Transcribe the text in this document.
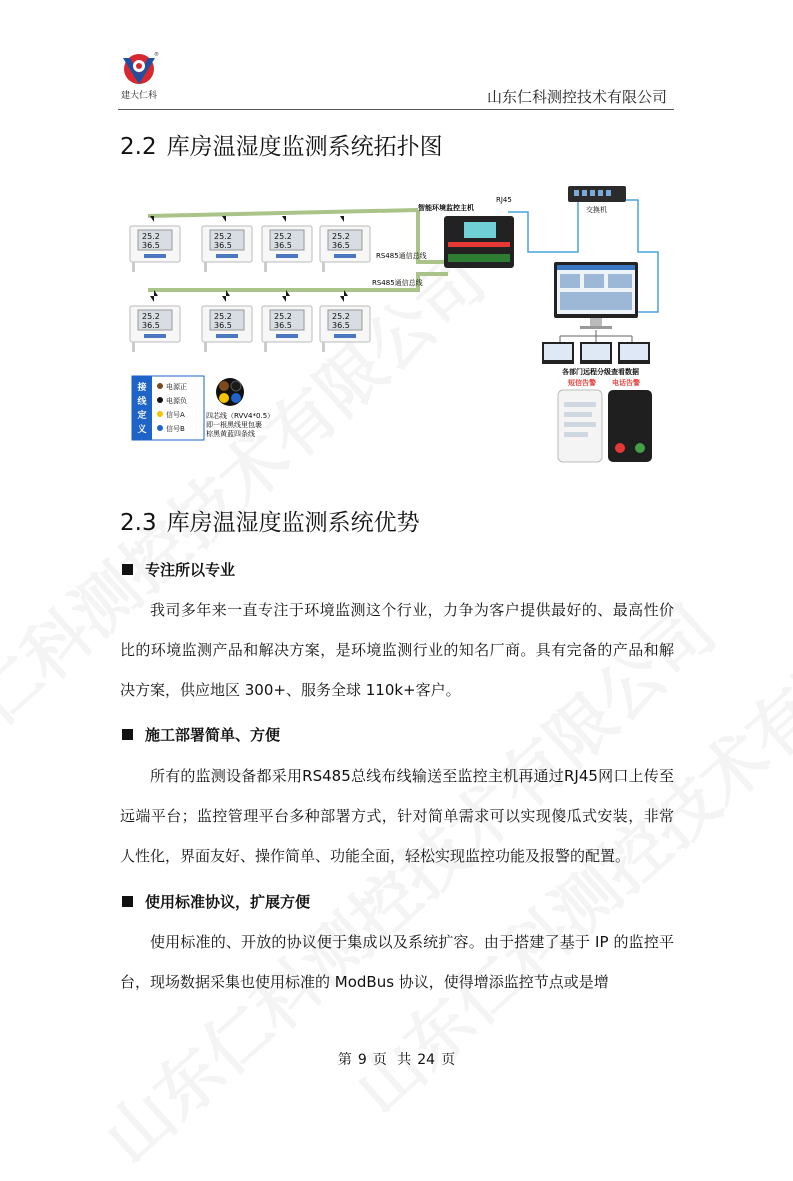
®
建大仁科	山东仁科测控技术有限公司
2.2 库房温湿度监测系统拓扑图
25.2
36.5
25.2
36.5
25.2
36.5
25.2
36.5
25.2
36.5
25.2
36.5
25.2
36.5
25.2
36.5
智能环境监控主机
RJ45
RS485通信总线
RS485通信总线
交换机
各部门远程分级查看数据
短信告警 电话告警
接
线
定
义
电源正
电源负
信号A
信号B
四芯线（RVV4*0.5）
即一根黑线里包裹
棕黑黄蓝四条线
2.3 库房温湿度监测系统优势
专注所以专业
我司多年来一直专注于环境监测这个行业，力争为客户提供最好的、最高性价比的环境监测产品和解决方案，是环境监测行业的知名厂商。具有完备的产品和解决方案，供应地区 300+、服务全球 110k+客户。
施工部署简单、方便
所有的监测设备都采用RS485总线布线输送至监控主机再通过RJ45网口上传至远端平台；监控管理平台多种部署方式，针对简单需求可以实现傻瓜式安装，非常人性化，界面友好、操作简单、功能全面，轻松实现监控功能及报警的配置。
使用标准协议，扩展方便
使用标准的、开放的协议便于集成以及系统扩容。由于搭建了基于 IP 的监控平台，现场数据采集也使用标准的 ModBus 协议，使得增添监控节点或是增
第 9 页 共 24 页
